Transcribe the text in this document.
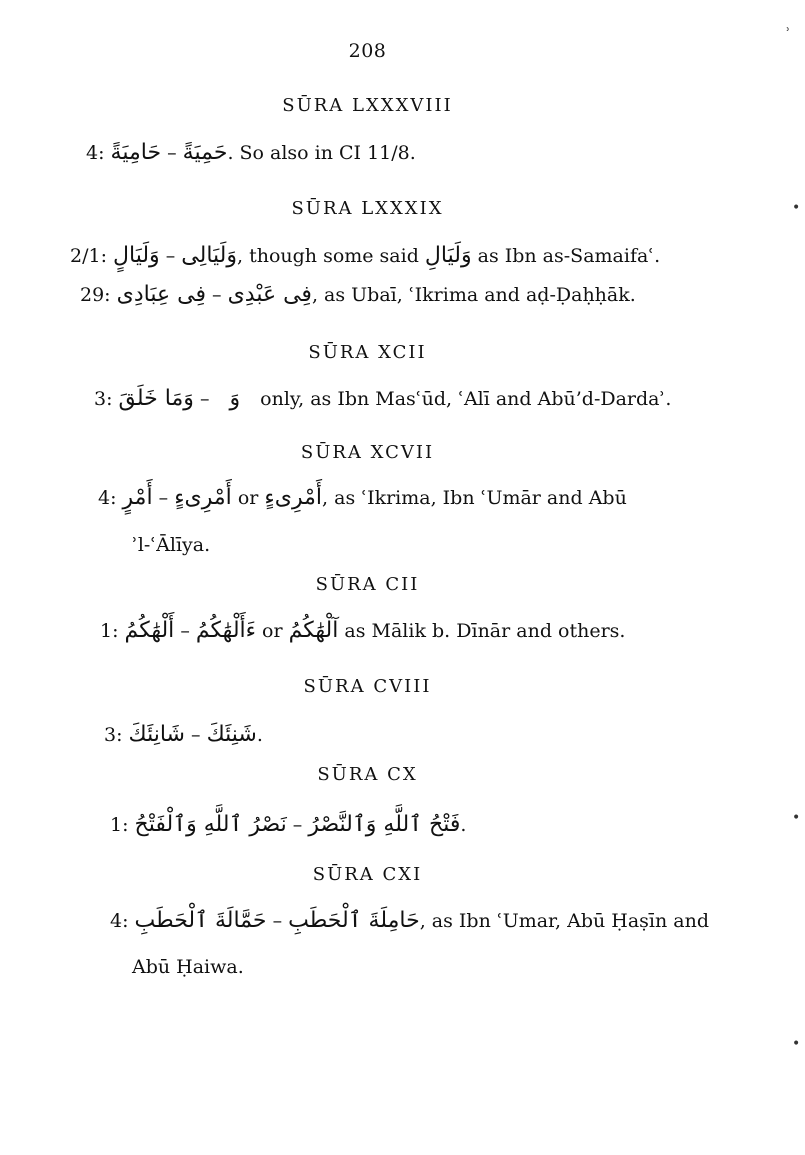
208
SŪRA LXXXVIII
4: حَامِيَةً – حَمِيَةً. So also in CI 11/8.
SŪRA LXXXIX
2/1: وَلَيَالٍ – وَلَيَالِى, though some said وَلَيَالِ as Ibn as-Samaifaʿ.
29: فِى عِبَادِى – فِى عَبْدِى, as Ubaī, ʿIkrima and aḍ-Ḍaḥḥāk.
SŪRA XCII
3: وَمَا خَلَقَ – وَ only, as Ibn Masʿūd, ʿAlī and Abū’d-Dardaʾ.
SŪRA XCVII
4: أَمْرٍ – أَمْرِىءٍ or أَمْرِىءٍ, as ʿIkrima, Ibn ʿUmār and Abū
ʾl-ʿĀlīya.
SŪRA CII
1: أَلْهَٰكُمُ – ءَأَلْهَٰكُمُ or آلْهَٰكُمُ as Mālik b. Dīnār and others.
SŪRA CVIII
3: شَانِئَكَ – شَنِئَكَ.
SŪRA CX
1: نَصْرُ ٱللَّهِ وَٱلْفَتْحُ – فَتْحُ ٱللَّهِ وَٱلنَّصْرُ.
SŪRA CXI
4: حَمَّالَةَ ٱلْحَطَبِ – حَامِلَةَ ٱلْحَطَبِ, as Ibn ʿUmar, Abū Ḥaṣīn and
Abū Ḥaiwa.
ʾ
•
•
•
